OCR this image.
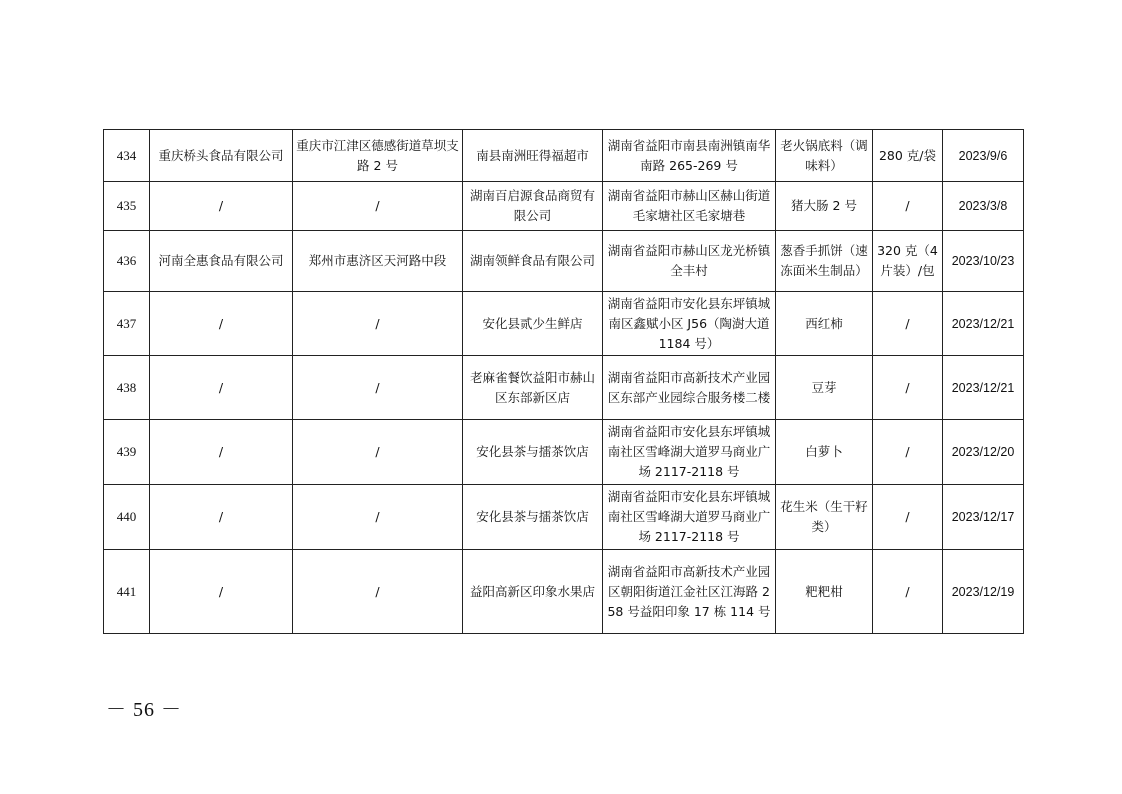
434	重庆桥头食品有限公司	重庆市江津区德感街道草坝支路 2 号	南县南洲旺得福超市	湖南省益阳市南县南洲镇南华南路 265-269 号	老火锅底料（调味料）	280 克/袋	2023/9/6
435	/	/	湖南百启源食品商贸有限公司	湖南省益阳市赫山区赫山街道毛家塘社区毛家塘巷	猪大肠 2 号	/	2023/3/8
436	河南全惠食品有限公司	郑州市惠济区天河路中段	湖南领鲜食品有限公司	湖南省益阳市赫山区龙光桥镇全丰村	葱香手抓饼（速冻面米生制品）	320 克（4 片装）/包	2023/10/23
437	/	/	安化县贰少生鲜店	湖南省益阳市安化县东坪镇城南区鑫赋小区 J56（陶澍大道 1184 号）	西红柿	/	2023/12/21
438	/	/	老麻雀餐饮益阳市赫山区东部新区店	湖南省益阳市高新技术产业园区东部产业园综合服务楼二楼	豆芽	/	2023/12/21
439	/	/	安化县茶与擂茶饮店	湖南省益阳市安化县东坪镇城南社区雪峰湖大道罗马商业广场 2117-2118 号	白萝卜	/	2023/12/20
440	/	/	安化县茶与擂茶饮店	湖南省益阳市安化县东坪镇城南社区雪峰湖大道罗马商业广场 2117-2118 号	花生米（生干籽类）	/	2023/12/17
441	/	/	益阳高新区印象水果店	湖南省益阳市高新技术产业园区朝阳街道江金社区江海路 258 号益阳印象 17 栋 114 号	粑粑柑	/	2023/12/19
－ 56 －
